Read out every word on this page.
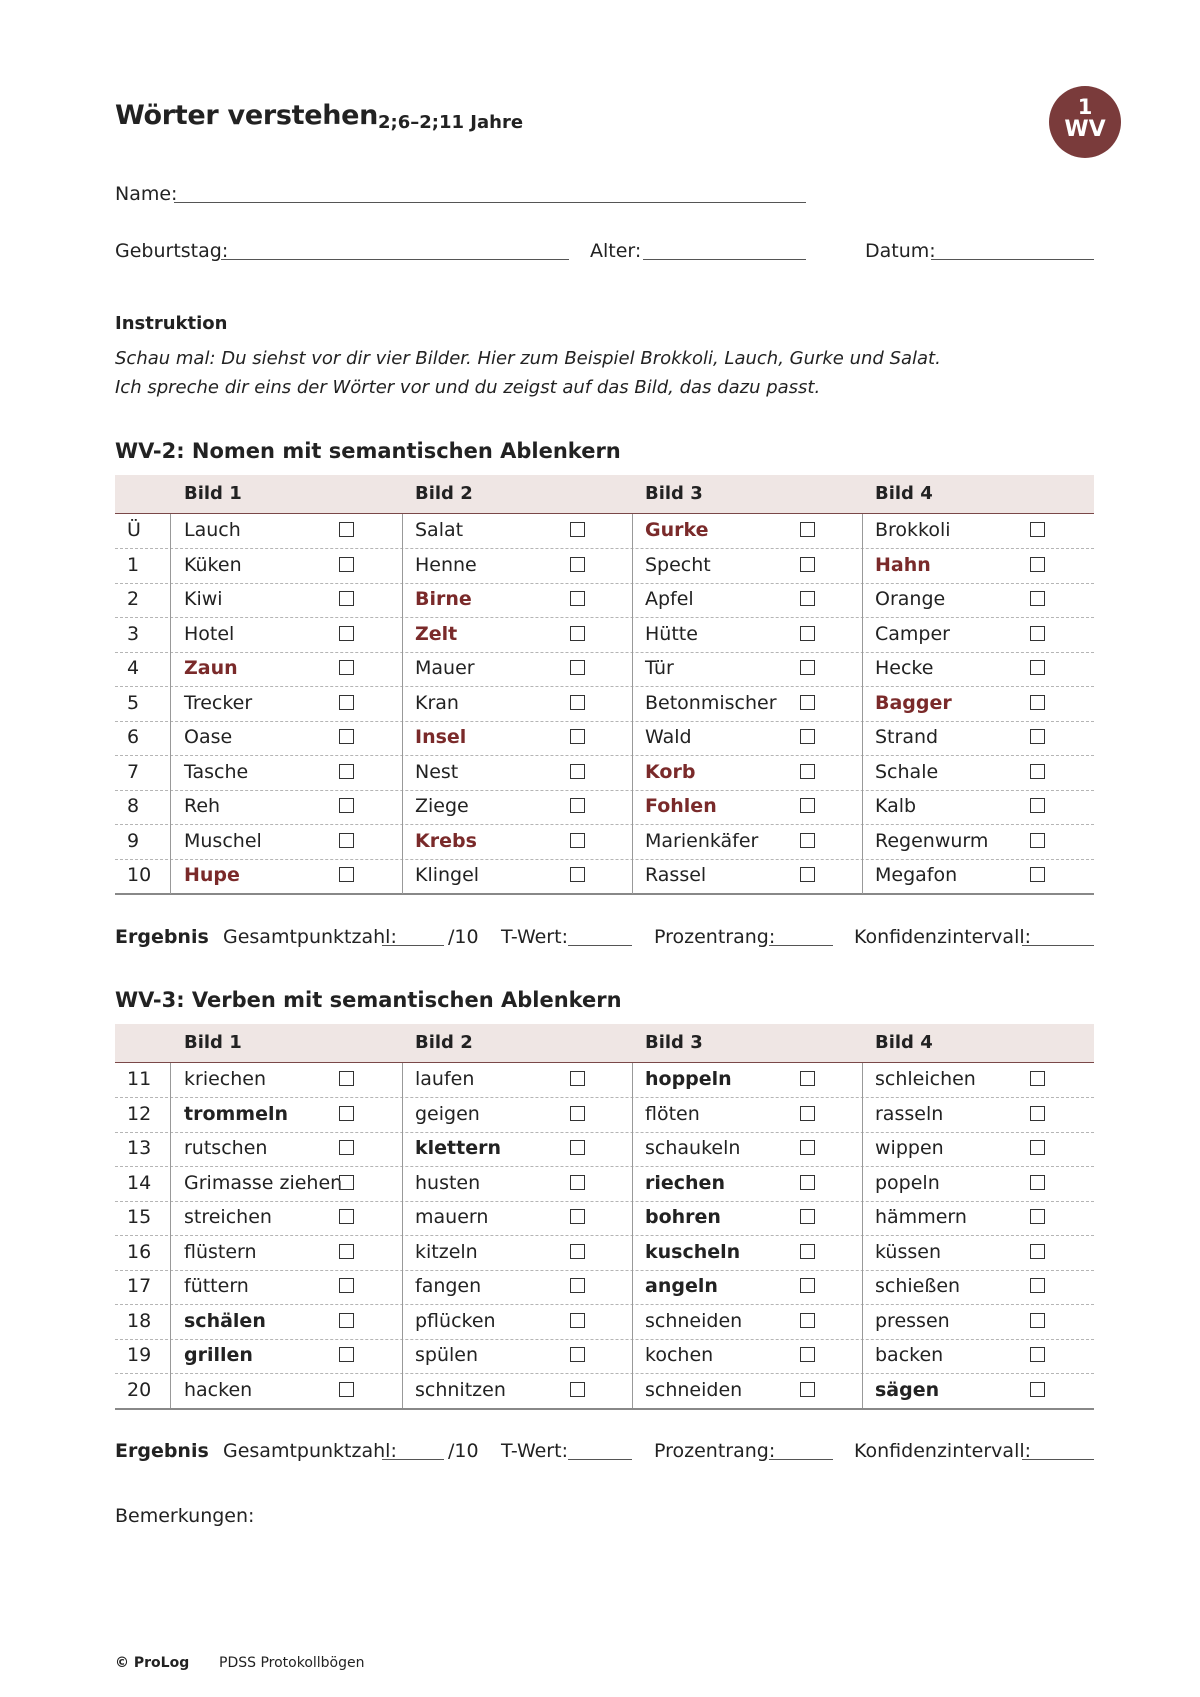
Wörter verstehen 2;6–2;11 Jahre
1
WV
Name:
Geburtstag:	Alter:	Datum:
Instruktion
Schau mal: Du siehst vor dir vier Bilder. Hier zum Beispiel Brokkoli, Lauch, Gurke und Salat.
Ich spreche dir eins der Wörter vor und du zeigst auf das Bild, das dazu passt.
WV-2: Nomen mit semantischen Ablenkern
Bild 1	Bild 2	Bild 3	Bild 4
Ü Lauch	Salat	Gurke	Brokkoli
1 Küken	Henne	Specht	Hahn
2 Kiwi	Birne	Apfel	Orange
3 Hotel	Zelt	Hütte	Camper
4 Zaun	Mauer	Tür	Hecke
5 Trecker	Kran	Betonmischer	Bagger
6 Oase	Insel	Wald	Strand
7 Tasche	Nest	Korb	Schale
8 Reh	Ziege	Fohlen	Kalb
9 Muschel	Krebs	Marienkäfer	Regenwurm
10 Hupe	Klingel	Rassel	Megafon
Ergebnis Gesamtpunktzahl:	/10 T-Wert:	Prozentrang:	Konfidenzintervall:
WV-3: Verben mit semantischen Ablenkern
Bild 1	Bild 2	Bild 3	Bild 4
11 kriechen	laufen	hoppeln	schleichen
12 trommeln	geigen	flöten	rasseln
13 rutschen	klettern	schaukeln	wippen
14 Grimasse ziehen	husten	riechen	popeln
15 streichen	mauern	bohren	hämmern
16 flüstern	kitzeln	kuscheln	küssen
17 füttern	fangen	angeln	schießen
18 schälen	pflücken	schneiden	pressen
19 grillen	spülen	kochen	backen
20 hacken	schnitzen	schneiden	sägen
Ergebnis Gesamtpunktzahl:	/10 T-Wert:	Prozentrang:	Konfidenzintervall:
Bemerkungen:
© ProLog PDSS Protokollbögen
